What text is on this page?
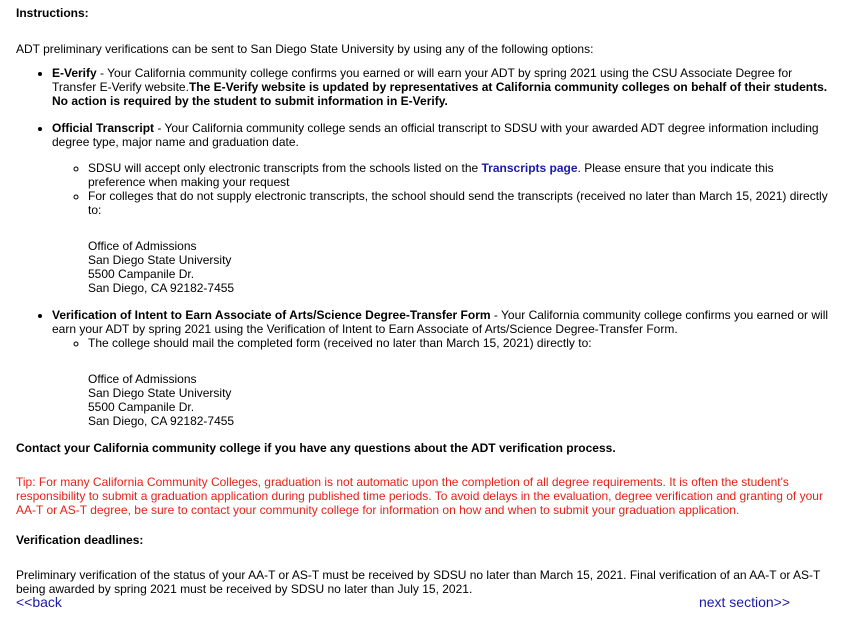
Instructions:

ADT preliminary verifications can be sent to San Diego State University by using any of the following options:

• E-Verify - Your California community college confirms you earned or will earn your ADT by spring 2021 using the CSU Associate Degree for Transfer E-Verify website.The E-Verify website is updated by representatives at California community colleges on behalf of their students. No action is required by the student to submit information in E-Verify.
• Official Transcript - Your California community college sends an official transcript to SDSU with your awarded ADT degree information including degree type, major name and graduation date.
◦ SDSU will accept only electronic transcripts from the schools listed on the Transcripts page. Please ensure that you indicate this preference when making your request
◦ For colleges that do not supply electronic transcripts, the school should send the transcripts (received no later than March 15, 2021) directly to:
Office of Admissions
San Diego State University
5500 Campanile Dr.
San Diego, CA 92182-7455
• Verification of Intent to Earn Associate of Arts/Science Degree-Transfer Form - Your California community college confirms you earned or will earn your ADT by spring 2021 using the Verification of Intent to Earn Associate of Arts/Science Degree-Transfer Form.
◦ The college should mail the completed form (received no later than March 15, 2021) directly to:
Office of Admissions
San Diego State University
5500 Campanile Dr.
San Diego, CA 92182-7455

Contact your California community college if you have any questions about the ADT verification process.

Tip: For many California Community Colleges, graduation is not automatic upon the completion of all degree requirements. It is often the student's responsibility to submit a graduation application during published time periods. To avoid delays in the evaluation, degree verification and granting of your AA-T or AS-T degree, be sure to contact your community college for information on how and when to submit your graduation application.

Verification deadlines:

Preliminary verification of the status of your AA-T or AS-T must be received by SDSU no later than March 15, 2021. Final verification of an AA-T or AS-T being awarded by spring 2021 must be received by SDSU no later than July 15, 2021.

<<back	next section>>
